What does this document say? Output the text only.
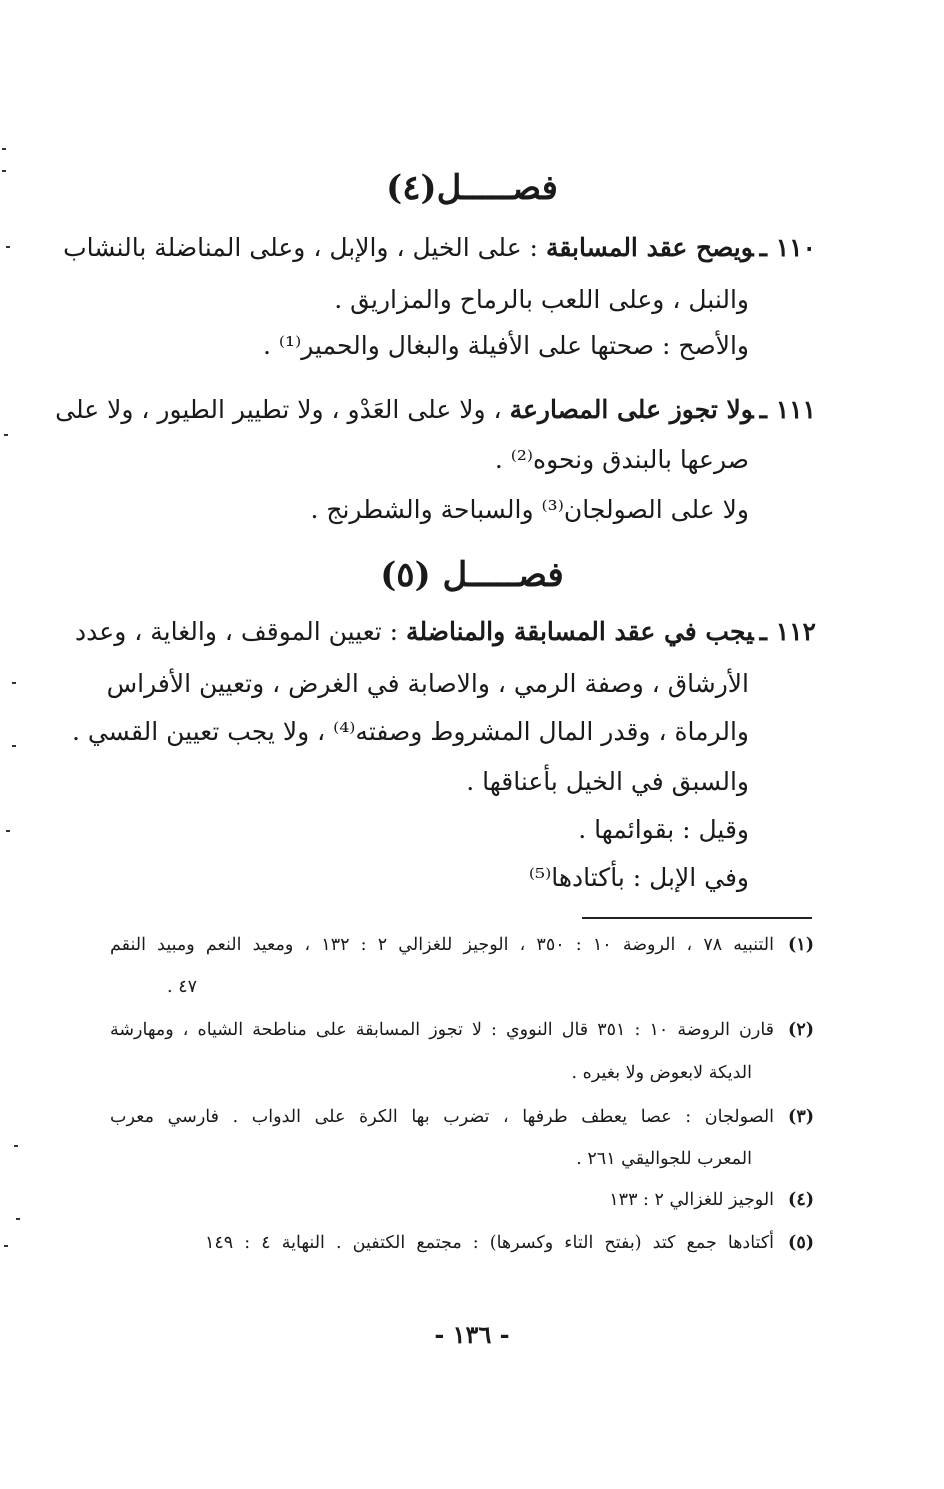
فصـــــل(٤)
١١٠ ـويصح عقد المسابقة : على الخيل ، والإبل ، وعلى المناضلة بالنشاب
والنبل ، وعلى اللعب بالرماح والمزاريق .
والأصح : صحتها على الأفيلة والبغال والحمير⁽¹⁾ .
١١١ ـولا تجوز على المصارعة ، ولا على العَدْو ، ولا تطيير الطيور ، ولا على
صرعها بالبندق ونحوه⁽²⁾ .
ولا على الصولجان⁽³⁾ والسباحة والشطرنج .
فصـــــل (٥)
١١٢ ـيجب في عقد المسابقة والمناضلة : تعيين الموقف ، والغاية ، وعدد
الأرشاق ، وصفة الرمي ، والاصابة في الغرض ، وتعيين الأفراس
والرماة ، وقدر المال المشروط وصفته⁽⁴⁾ ، ولا يجب تعيين القسي .
والسبق في الخيل بأعناقها .
وقيل : بقوائمها .
وفي الإبل : بأكتادها⁽⁵⁾
(١)التنبيه ٧٨ ، الروضة ١٠ : ٣٥٠ ، الوجيز للغزالي ٢ : ١٣٢ ، ومعيد النعم ومبيد النقم
٤٧ .
(٢)قارن الروضة ١٠ : ٣٥١ قال النووي : لا تجوز المسابقة على مناطحة الشياه ، ومهارشة
الديكة لابعوض ولا بغيره .
(٣)الصولجان : عصا يعطف طرفها ، تضرب بها الكرة على الدواب . فارسي معرب
المعرب للجواليقي ٢٦١ .
(٤)الوجيز للغزالي ٢ : ١٣٣
(٥)أكتادها جمع كتد (بفتح التاء وكسرها) : مجتمع الكتفين . النهاية ٤ : ١٤٩
- ١٣٦ -
